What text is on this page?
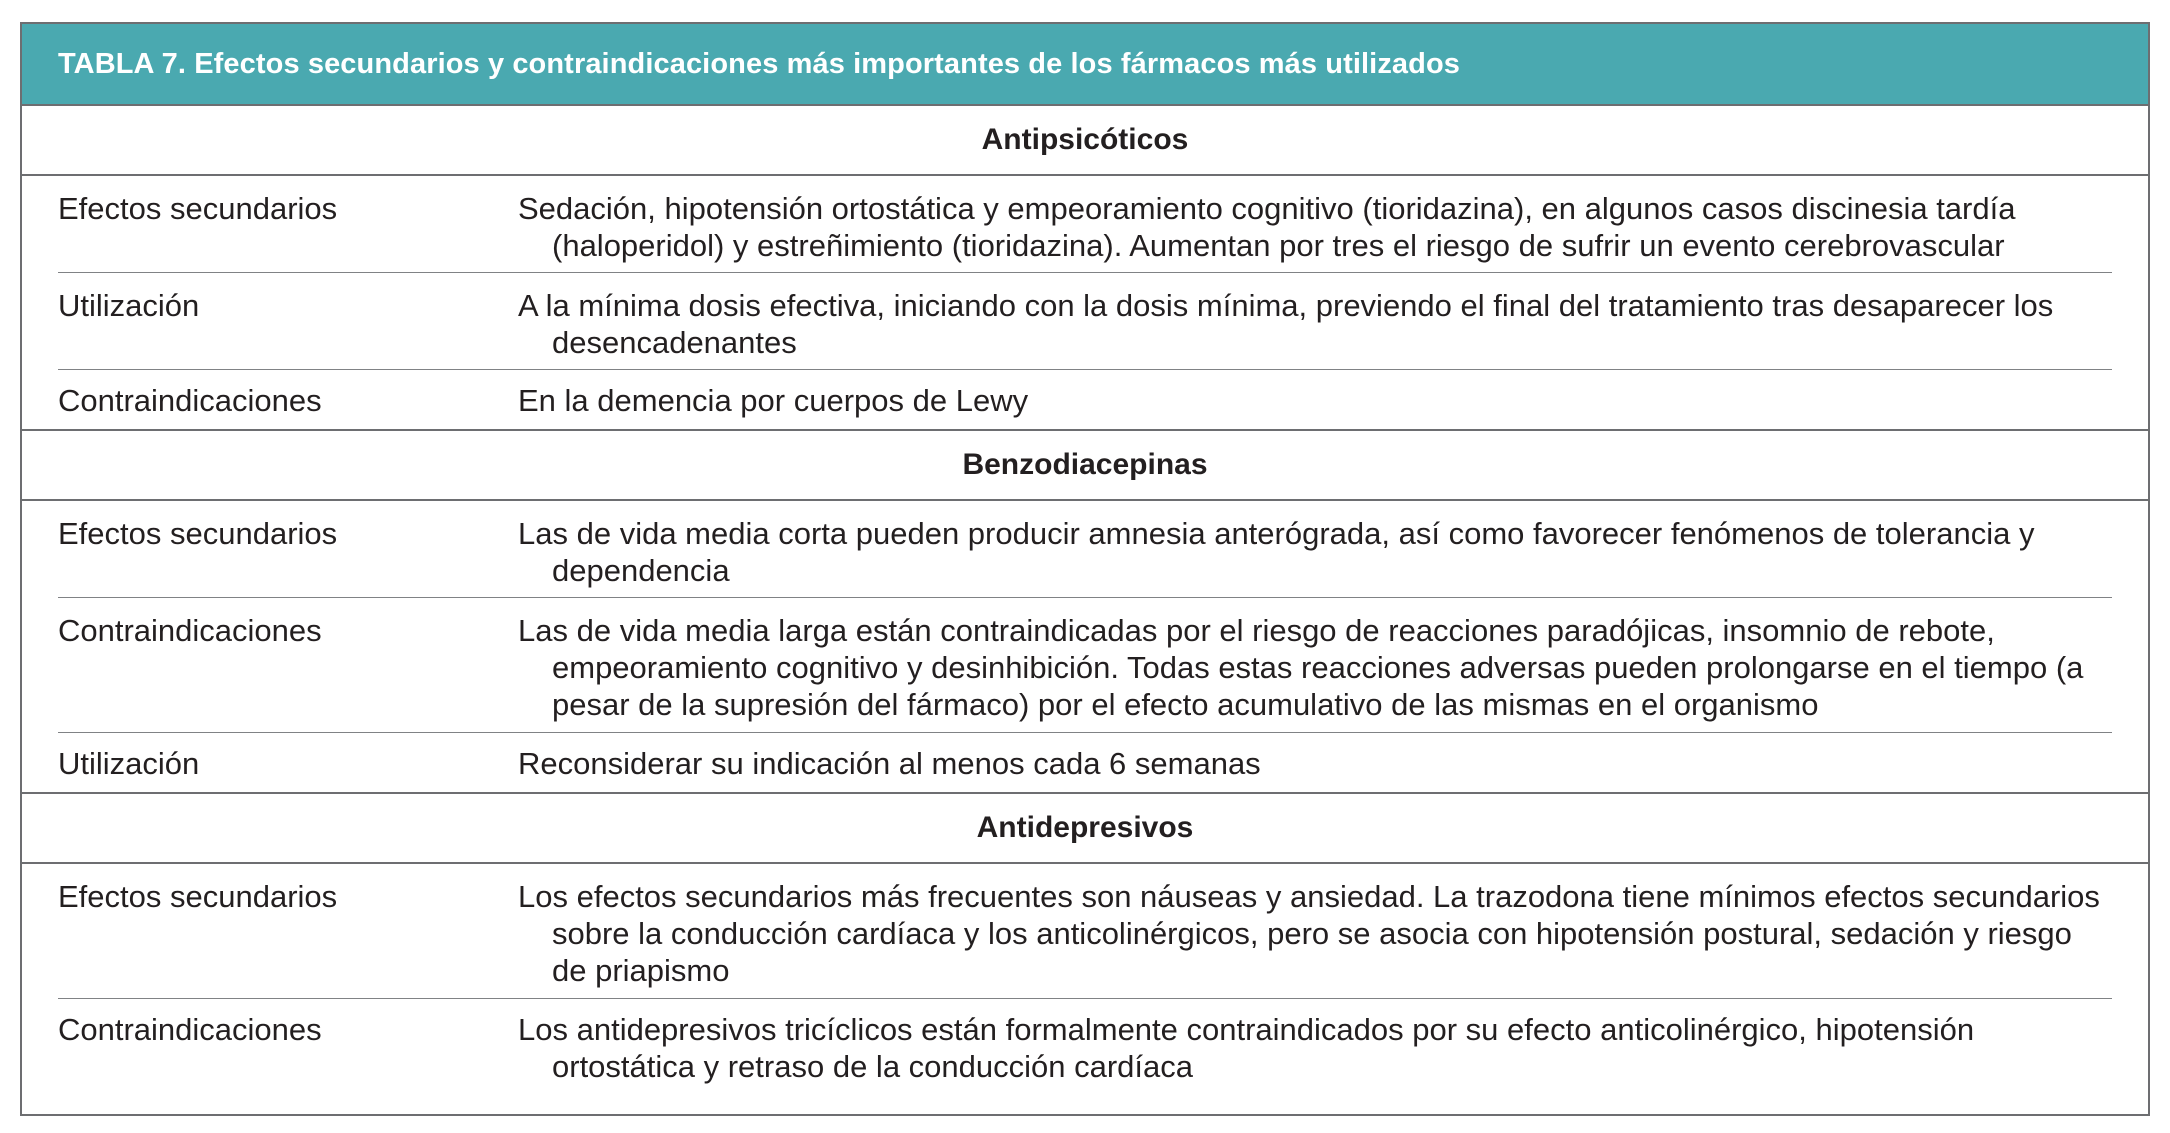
TABLA 7. Efectos secundarios y contraindicaciones más importantes de los fármacos más utilizados
Antipsicóticos
Efectos secundarios	Sedación, hipotensión ortostática y empeoramiento cognitivo (tioridazina), en algunos casos discinesia tardía (haloperidol) y estreñimiento (tioridazina). Aumentan por tres el riesgo de sufrir un evento cerebrovascular
Utilización	A la mínima dosis efectiva, iniciando con la dosis mínima, previendo el final del tratamiento tras desaparecer los desencadenantes
Contraindicaciones	En la demencia por cuerpos de Lewy
Benzodiacepinas
Efectos secundarios	Las de vida media corta pueden producir amnesia anterógrada, así como favorecer fenómenos de tolerancia y dependencia
Contraindicaciones	Las de vida media larga están contraindicadas por el riesgo de reacciones paradójicas, insomnio de rebote, empeoramiento cognitivo y desinhibición. Todas estas reacciones adversas pueden prolongarse en el tiempo (a pesar de la supresión del fármaco) por el efecto acumulativo de las mismas en el organismo
Utilización	Reconsiderar su indicación al menos cada 6 semanas
Antidepresivos
Efectos secundarios	Los efectos secundarios más frecuentes son náuseas y ansiedad. La trazodona tiene mínimos efectos secundarios sobre la conducción cardíaca y los anticolinérgicos, pero se asocia con hipotensión postural, sedación y riesgo de priapismo
Contraindicaciones	Los antidepresivos tricíclicos están formalmente contraindicados por su efecto anticolinérgico, hipotensión ortostática y retraso de la conducción cardíaca
